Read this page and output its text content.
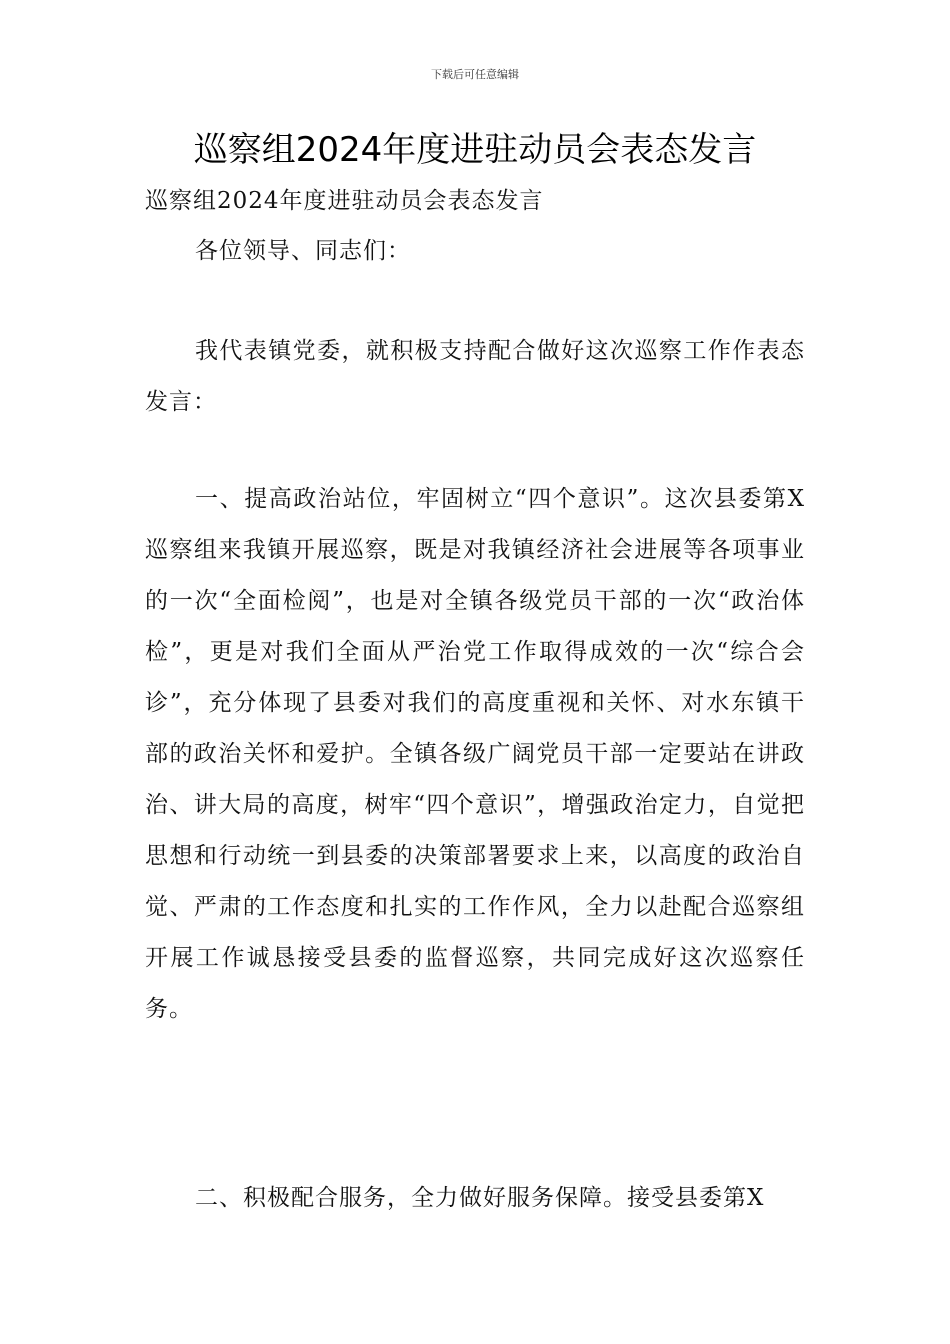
下载后可任意编辑
巡察组2024年度进驻动员会表态发言
巡察组2024年度进驻动员会表态发言
各位领导、同志们：
我代表镇党委，就积极支持配合做好这次巡察工作作表态发言：
一、提高政治站位，牢固树立“四个意识”。这次县委第X巡察组来我镇开展巡察，既是对我镇经济社会进展等各项事业的一次“全面检阅”，也是对全镇各级党员干部的一次“政治体检”，更是对我们全面从严治党工作取得成效的一次“综合会诊”，充分体现了县委对我们的高度重视和关怀、对水东镇干部的政治关怀和爱护。全镇各级广阔党员干部一定要站在讲政治、讲大局的高度，树牢“四个意识”，增强政治定力，自觉把思想和行动统一到县委的决策部署要求上来，以高度的政治自觉、严肃的工作态度和扎实的工作作风，全力以赴配合巡察组开展工作诚恳接受县委的监督巡察，共同完成好这次巡察任务。
二、积极配合服务，全力做好服务保障。接受县委第X
